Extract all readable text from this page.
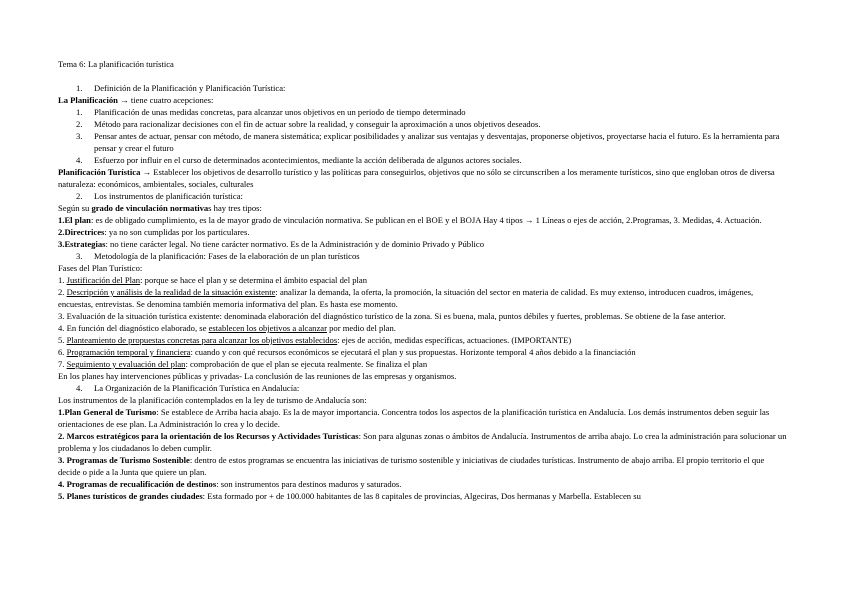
Tema 6: La planificación turística
1. Definición de la Planificación y Planificación Turística:
La Planificación → tiene cuatro acepciones:
1. Planificación de unas medidas concretas, para alcanzar unos objetivos en un periodo de tiempo determinado
2. Método para racionalizar decisiones con el fin de actuar sobre la realidad, y conseguir la aproximación a unos objetivos deseados.
3. Pensar antes de actuar, pensar con método, de manera sistemática; explicar posibilidades y analizar sus ventajas y desventajas, proponerse objetivos, proyectarse hacia el futuro. Es la herramienta para pensar y crear el futuro
4. Esfuerzo por influir en el curso de determinados acontecimientos, mediante la acción deliberada de algunos actores sociales.
Planificación Turística → Establecer los objetivos de desarrollo turístico y las políticas para conseguirlos, objetivos que no sólo se circunscriben a los meramente turísticos, sino que engloban otros de diversa naturaleza: económicos, ambientales, sociales, culturales
2. Los instrumentos de planificación turística:
Según su grado de vinculación normativas hay tres tipos:
1.El plan: es de obligado cumplimiento, es la de mayor grado de vinculación normativa. Se publican en el BOE y el BOJA Hay 4 tipos → 1 Líneas o ejes de acción, 2.Programas, 3. Medidas, 4. Actuación.
2.Directrices: ya no son cumplidas por los particulares.
3.Estrategias: no tiene carácter legal. No tiene carácter normativo. Es de la Administración y de dominio Privado y Público
3. Metodología de la planificación: Fases de la elaboración de un plan turísticos
Fases del Plan Turístico:
1. Justificación del Plan: porque se hace el plan y se determina el ámbito espacial del plan
2. Descripción y análisis de la realidad de la situación existente: analizar la demanda, la oferta, la promoción, la situación del sector en materia de calidad. Es muy extenso, introducen cuadros, imágenes, encuestas, entrevistas. Se denomina también memoria informativa del plan. Es hasta ese momento.
3. Evaluación de la situación turística existente: denominada elaboración del diagnóstico turístico de la zona. Si es buena, mala, puntos débiles y fuertes, problemas. Se obtiene de la fase anterior.
4. En función del diagnóstico elaborado, se establecen los objetivos a alcanzar por medio del plan.
5. Planteamiento de propuestas concretas para alcanzar los objetivos establecidos: ejes de acción, medidas específicas, actuaciones. (IMPORTANTE)
6. Programación temporal y financiera: cuando y con qué recursos económicos se ejecutará el plan y sus propuestas. Horizonte temporal 4 años debido a la financiación
7. Seguimiento y evaluación del plan: comprobación de que el plan se ejecuta realmente. Se finaliza el plan
En los planes hay intervenciones públicas y privadas- La conclusión de las reuniones de las empresas y organismos.
4. La Organización de la Planificación Turística en Andalucía:
Los instrumentos de la planificación contemplados en la ley de turismo de Andalucía son:
1.Plan General de Turismo: Se establece de Arriba hacia abajo. Es la de mayor importancia. Concentra todos los aspectos de la planificación turística en Andalucía. Los demás instrumentos deben seguir las orientaciones de ese plan. La Administración lo crea y lo decide.
2. Marcos estratégicos para la orientación de los Recursos y Actividades Turísticas: Son para algunas zonas o ámbitos de Andalucía. Instrumentos de arriba abajo. Lo crea la administración para solucionar un problema y los ciudadanos lo deben cumplir.
3. Programas de Turismo Sostenible: dentro de estos programas se encuentra las iniciativas de turismo sostenible y iniciativas de ciudades turísticas. Instrumento de abajo arriba. El propio territorio el que decide o pide a la Junta que quiere un plan.
4. Programas de recualificación de destinos: son instrumentos para destinos maduros y saturados.
5. Planes turísticos de grandes ciudades: Esta formado por + de 100.000 habitantes de las 8 capitales de provincias, Algeciras, Dos hermanas y Marbella. Establecen su
